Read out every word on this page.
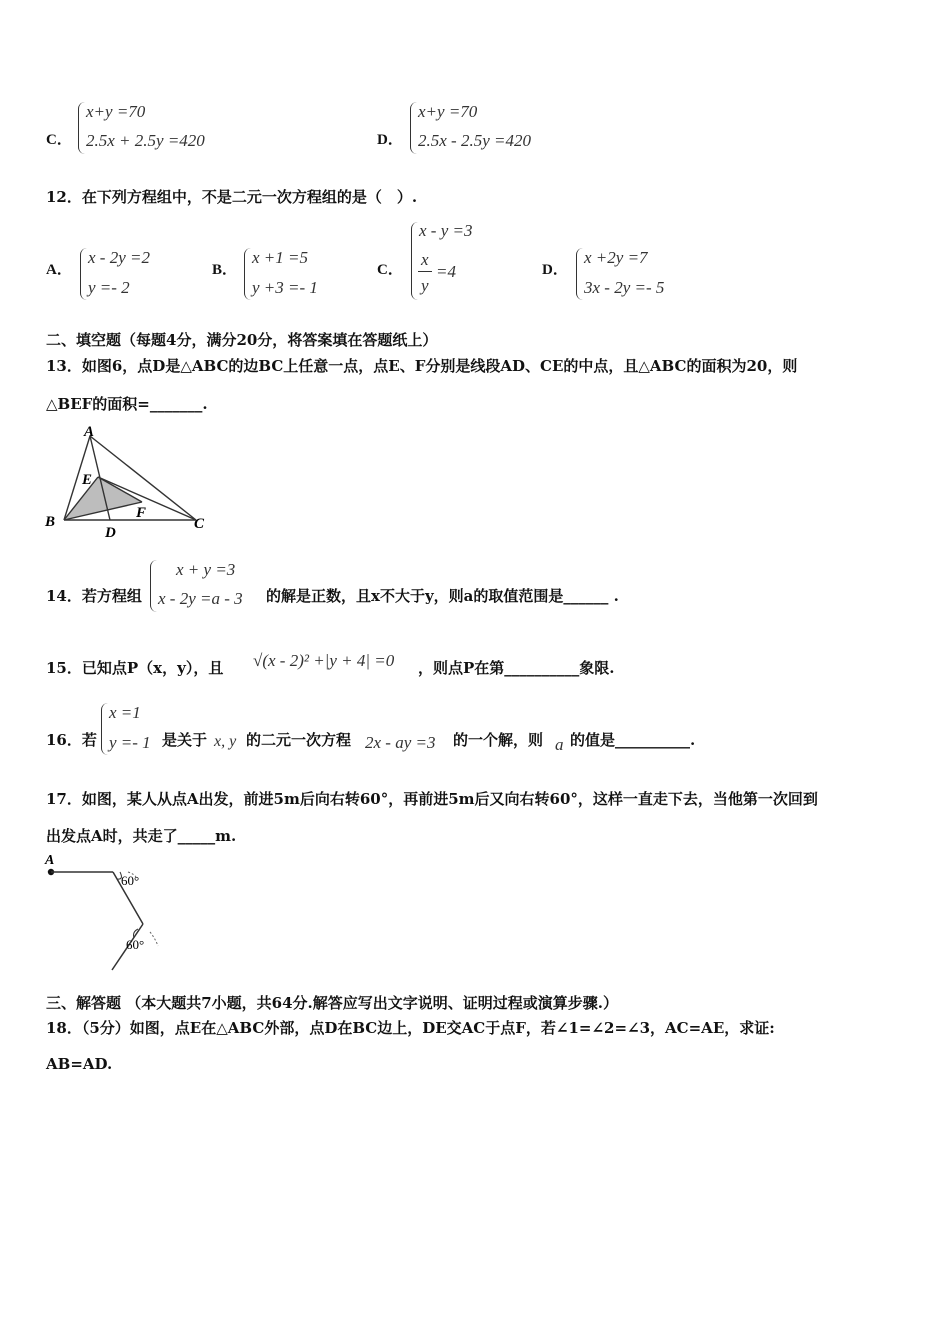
C．
x+y =70
2.5x + 2.5y =420	D．
x+y =70
2.5x - 2.5y =420
12．在下列方程组中，不是二元一次方程组的是（　）.
A．
x - 2y =2
y =- 2
B．
x +1 =5
y +3 =- 1
C．
x - y =3
x
y
=4	D．
x +2y =7
3x - 2y =- 5
二、填空题（每题4分，满分20分，将答案填在答题纸上）
13．如图6，点D是△ABC的边BC上任意一点，点E、F分别是线段AD、CE的中点，且△ABC的面积为20，则
△BEF的面积=_______.
A
B	C
D
E
F
14．若方程组
x + y =3
x - 2y =a - 3 的解是正数，且x不大于y，则a的取值范围是______ .
15．已知点P（x，y），且 √(x - 2)² +|y + 4| =0 ，则点P在第__________象限.
16．若
x =1
y =- 1 是关于 x, y 的二元一次方程 2x - ay =3 的一个解，则 a 的值是__________.
17．如图，某人从点A出发，前进5m后向右转60°，再前进5m后又向右转60°，这样一直走下去，当他第一次回到
出发点A时，共走了_____m.
A
60°
60°
三、解答题 （本大题共7小题，共64分.解答应写出文字说明、证明过程或演算步骤.）
18．（5分）如图，点E在△ABC外部，点D在BC边上，DE交AC于点F，若∠1=∠2=∠3，AC=AE，求证:
AB=AD.
